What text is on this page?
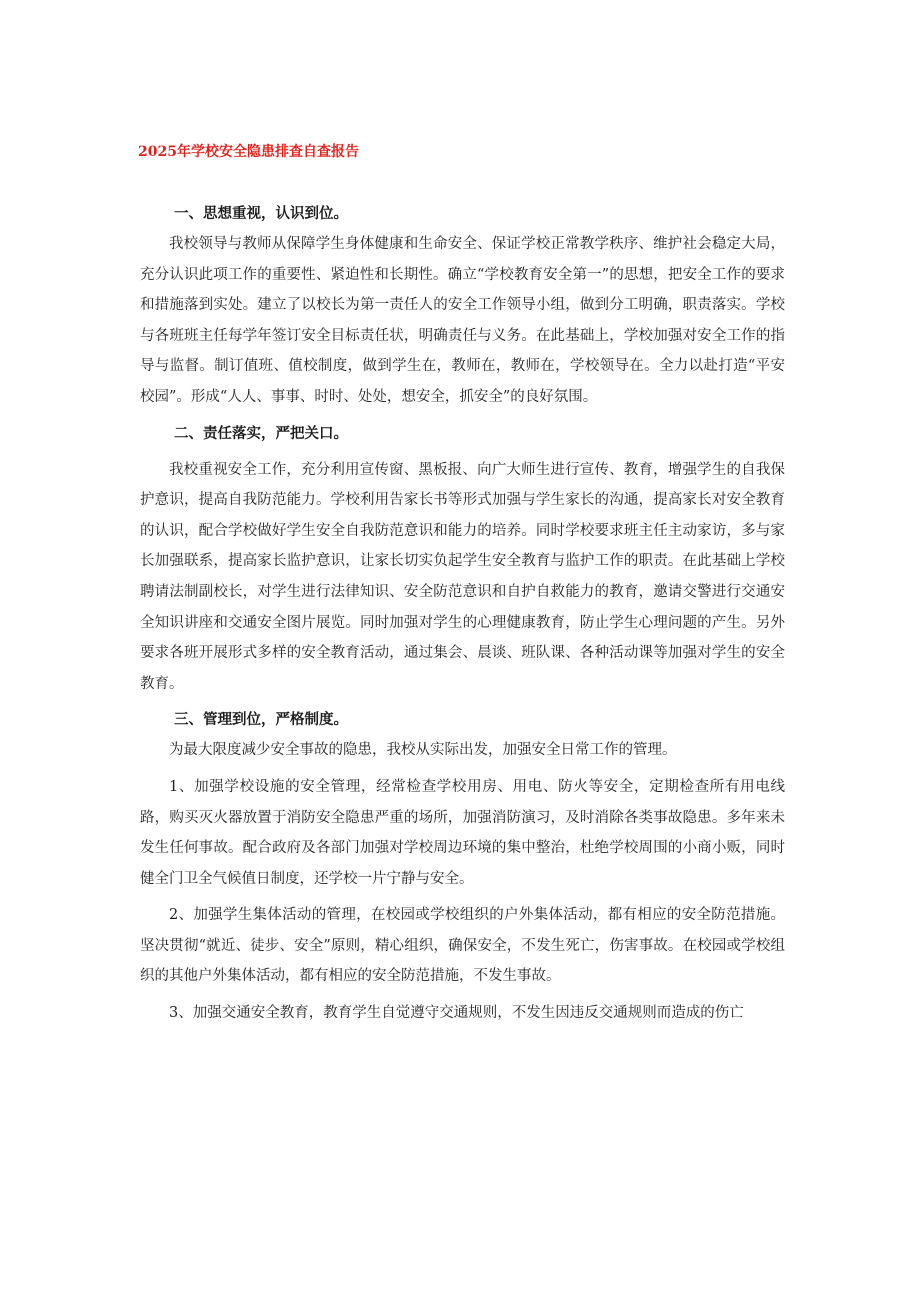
2025年学校安全隐患排查自查报告
一、思想重视，认识到位。

我校领导与教师从保障学生身体健康和生命安全、保证学校正常教学秩序、维护社会稳定大局，充分认识此项工作的重要性、紧迫性和长期性。确立“学校教育安全第一”的思想，把安全工作的要求和措施落到实处。建立了以校长为第一责任人的安全工作领导小组，做到分工明确，职责落实。学校与各班班主任每学年签订安全目标责任状，明确责任与义务。在此基础上，学校加强对安全工作的指导与监督。制订值班、值校制度，做到学生在，教师在，教师在，学校领导在。全力以赴打造“平安校园”。形成“人人、事事、时时、处处，想安全，抓安全”的良好氛围。

二、责任落实，严把关口。

我校重视安全工作，充分利用宣传窗、黑板报、向广大师生进行宣传、教育，增强学生的自我保护意识，提高自我防范能力。学校利用告家长书等形式加强与学生家长的沟通，提高家长对安全教育的认识，配合学校做好学生安全自我防范意识和能力的培养。同时学校要求班主任主动家访，多与家长加强联系，提高家长监护意识，让家长切实负起学生安全教育与监护工作的职责。在此基础上学校聘请法制副校长，对学生进行法律知识、安全防范意识和自护自救能力的教育，邀请交警进行交通安全知识讲座和交通安全图片展览。同时加强对学生的心理健康教育，防止学生心理问题的产生。另外要求各班开展形式多样的安全教育活动，通过集会、晨谈、班队课、各种活动课等加强对学生的安全教育。

三、管理到位，严格制度。

为最大限度减少安全事故的隐患，我校从实际出发，加强安全日常工作的管理。

1、加强学校设施的安全管理，经常检查学校用房、用电、防火等安全，定期检查所有用电线路，购买灭火器放置于消防安全隐患严重的场所，加强消防演习，及时消除各类事故隐患。多年来未发生任何事故。配合政府及各部门加强对学校周边环境的集中整治，杜绝学校周围的小商小贩，同时健全门卫全气候值日制度，还学校一片宁静与安全。

2、加强学生集体活动的管理，在校园或学校组织的户外集体活动，都有相应的安全防范措施。坚决贯彻“就近、徒步、安全”原则，精心组织，确保安全，不发生死亡，伤害事故。在校园或学校组织的其他户外集体活动，都有相应的安全防范措施，不发生事故。

3、加强交通安全教育，教育学生自觉遵守交通规则，不发生因违反交通规则而造成的伤亡
